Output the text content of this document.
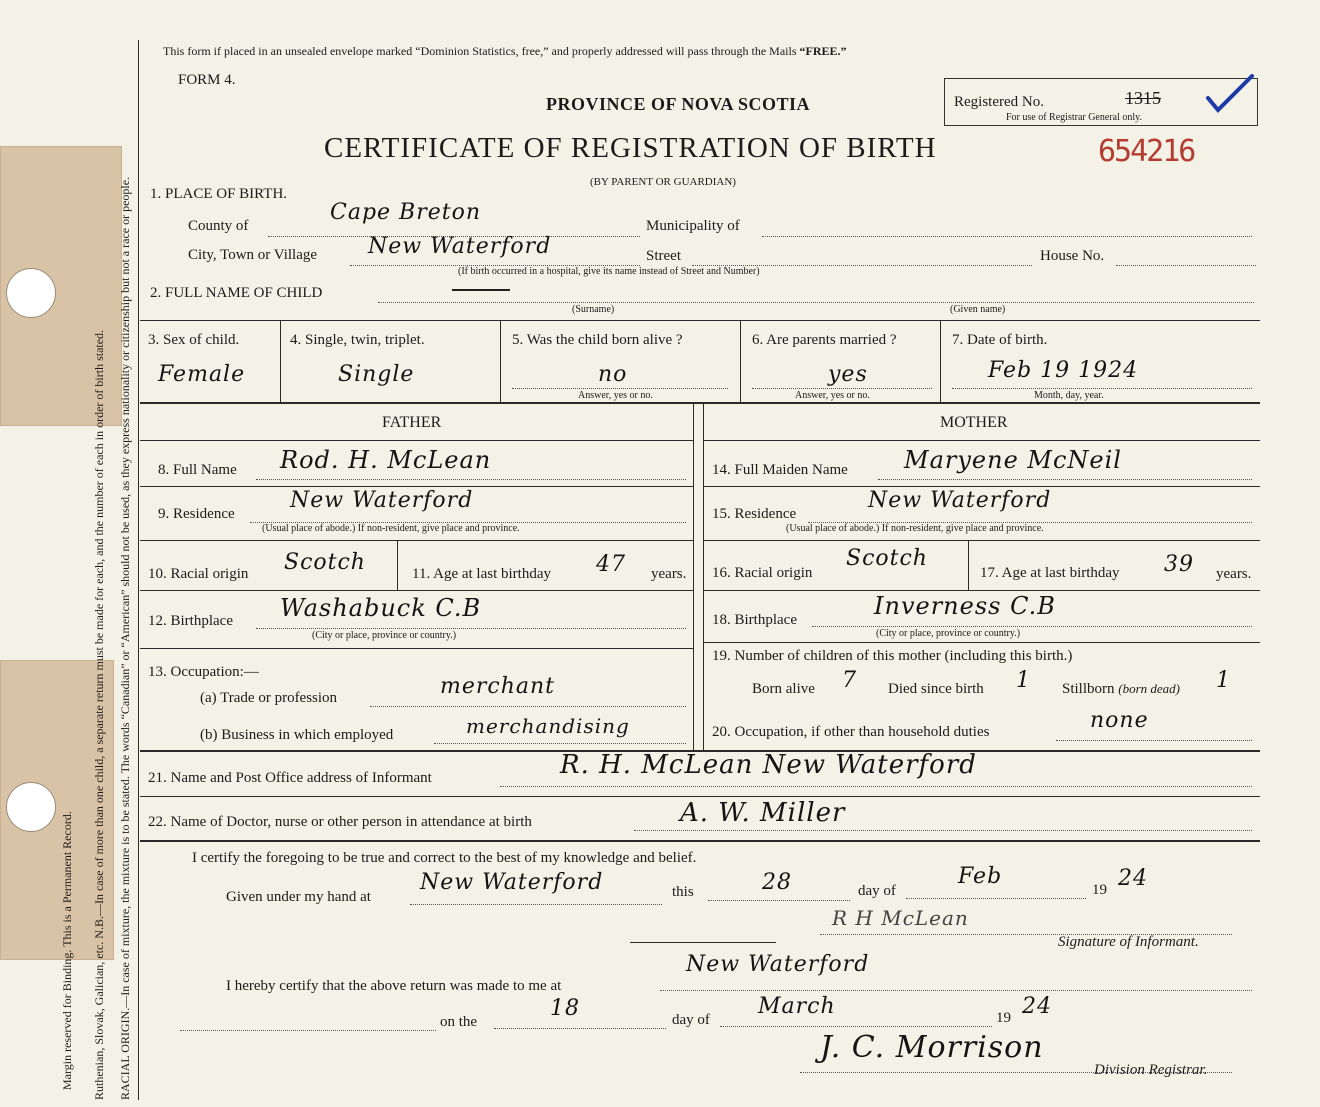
Margin reserved for Binding. This is a Permanent Record. Ruthenian, Slovak, Galician, etc. N.B.—In case of more than one child, a separate return must be made for each, and the number of each in order of birth stated. RACIAL ORIGIN.—In case of mixture, the mixture is to be stated. The words “Canadian” or “American” should not be used, as they express nationality or citizenship but not a race or people.
This form if placed in an unsealed envelope marked “Dominion Statistics, free,” and properly addressed will pass through the Mails “FREE.”
FORM 4.
PROVINCE OF NOVA SCOTIA	Registered No.	1315
For use of Registrar General only.
CERTIFICATE OF REGISTRATION OF BIRTH	654216
(BY PARENT OR GUARDIAN)
1. PLACE OF BIRTH.
County of
Cape Breton
Municipality of
City, Town or Village New Waterford	Street	House No.
(If birth occurred in a hospital, give its name instead of Street and Number)
2. FULL NAME OF CHILD
(Surname)	(Given name)
3. Sex of child.
Female
4. Single, twin, triplet.
Single
5. Was the child born alive ?
no
Answer, yes or no.
6. Are parents married ?
yes
Answer, yes or no.
7. Date of birth.
Feb 19 1924
Month, day, year.
FATHER	MOTHER
8. Full Name Rod. H. McLean
9. Residence
New Waterford
(Usual place of abode.) If non-resident, give place and province.
10. Racial origin Scotch	11. Age at last birthday 47 years.
12. Birthplace Washabuck C.B
(City or place, province or country.)
13. Occupation:—
(a) Trade or profession	merchant
(b) Business in which employed	merchandising
14. Full Maiden Name Maryene McNeil
15. Residence
New Waterford
(Usual place of abode.) If non-resident, give place and province.
16. Racial origin
Scotch
17. Age at last birthday 39 years.
18. Birthplace	Inverness C.B
(City or place, province or country.)
19. Number of children of this mother (including this birth.)
Born alive 7 Died since birth 1 Stillborn (born dead) 1
20. Occupation, if other than household duties	none
21. Name and Post Office address of Informant	R. H. McLean New Waterford
22. Name of Doctor, nurse or other person in attendance at birth	A. W. Miller
I certify the foregoing to be true and correct to the best of my knowledge and belief.
Given under my hand at
New Waterford	this	28	day of
Feb
19 24
R H McLean
Signature of Informant.
I hereby certify that the above return was made to me at
New Waterford
on the
18	day of
March	19 24
J. C. Morrison
Division Registrar.
